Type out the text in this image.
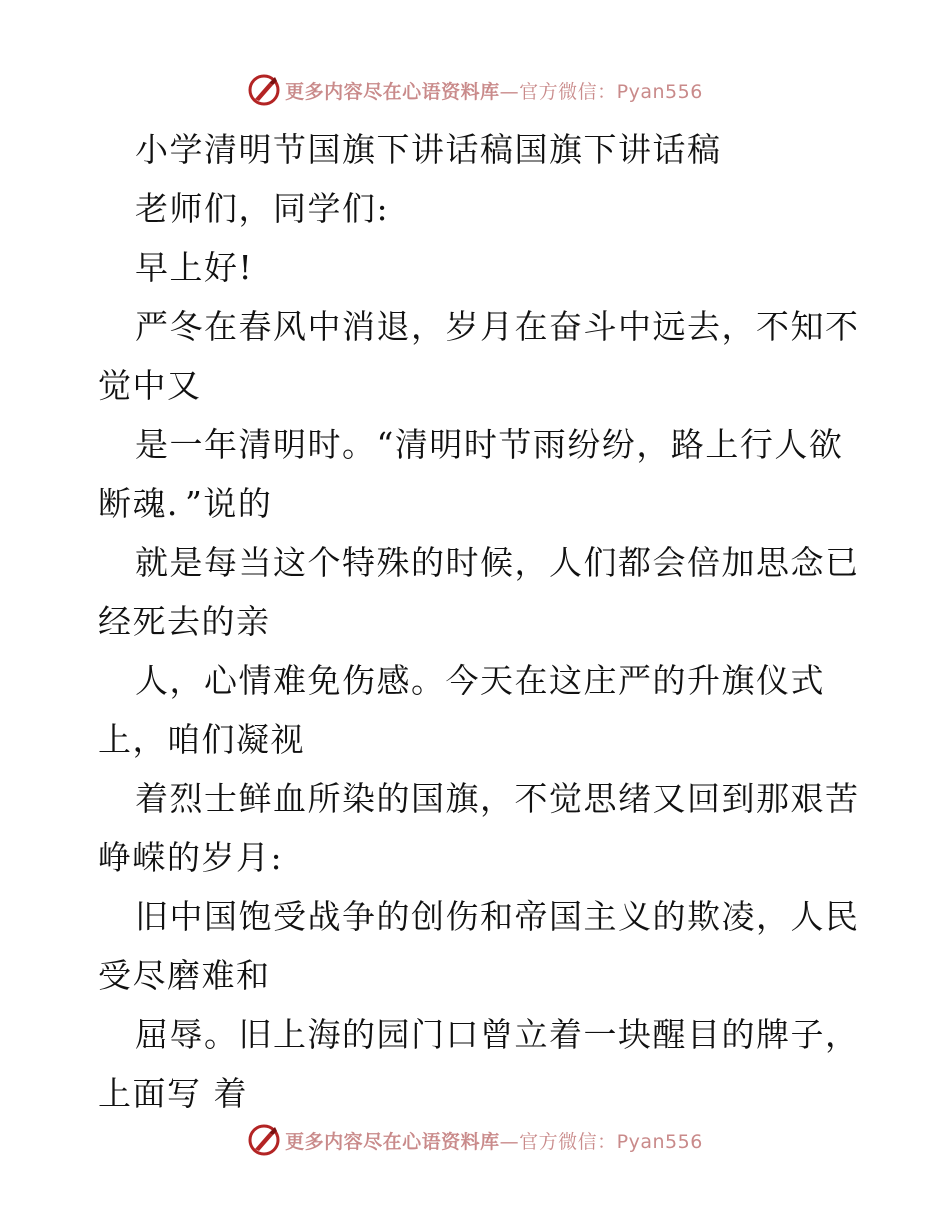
更多内容尽在心语资料库—官方微信：Pyan556
小学清明节国旗下讲话稿国旗下讲话稿
老师们，同学们:
早上好!
严冬在春风中消退，岁月在奋斗中远去，不知不
觉中又
是一年清明时。“清明时节雨纷纷，路上行人欲
断魂．”说的
就是每当这个特殊的时候，人们都会倍加思念已
经死去的亲
人，心情难免伤感。今天在这庄严的升旗仪式
上，咱们凝视
着烈士鲜血所染的国旗，不觉思绪又回到那艰苦
峥嵘的岁月:
旧中国饱受战争的创伤和帝国主义的欺凌，人民
受尽磨难和
屈辱。旧上海的园门口曾立着一块醒目的牌子，
上面写 着
更多内容尽在心语资料库—官方微信：Pyan556
